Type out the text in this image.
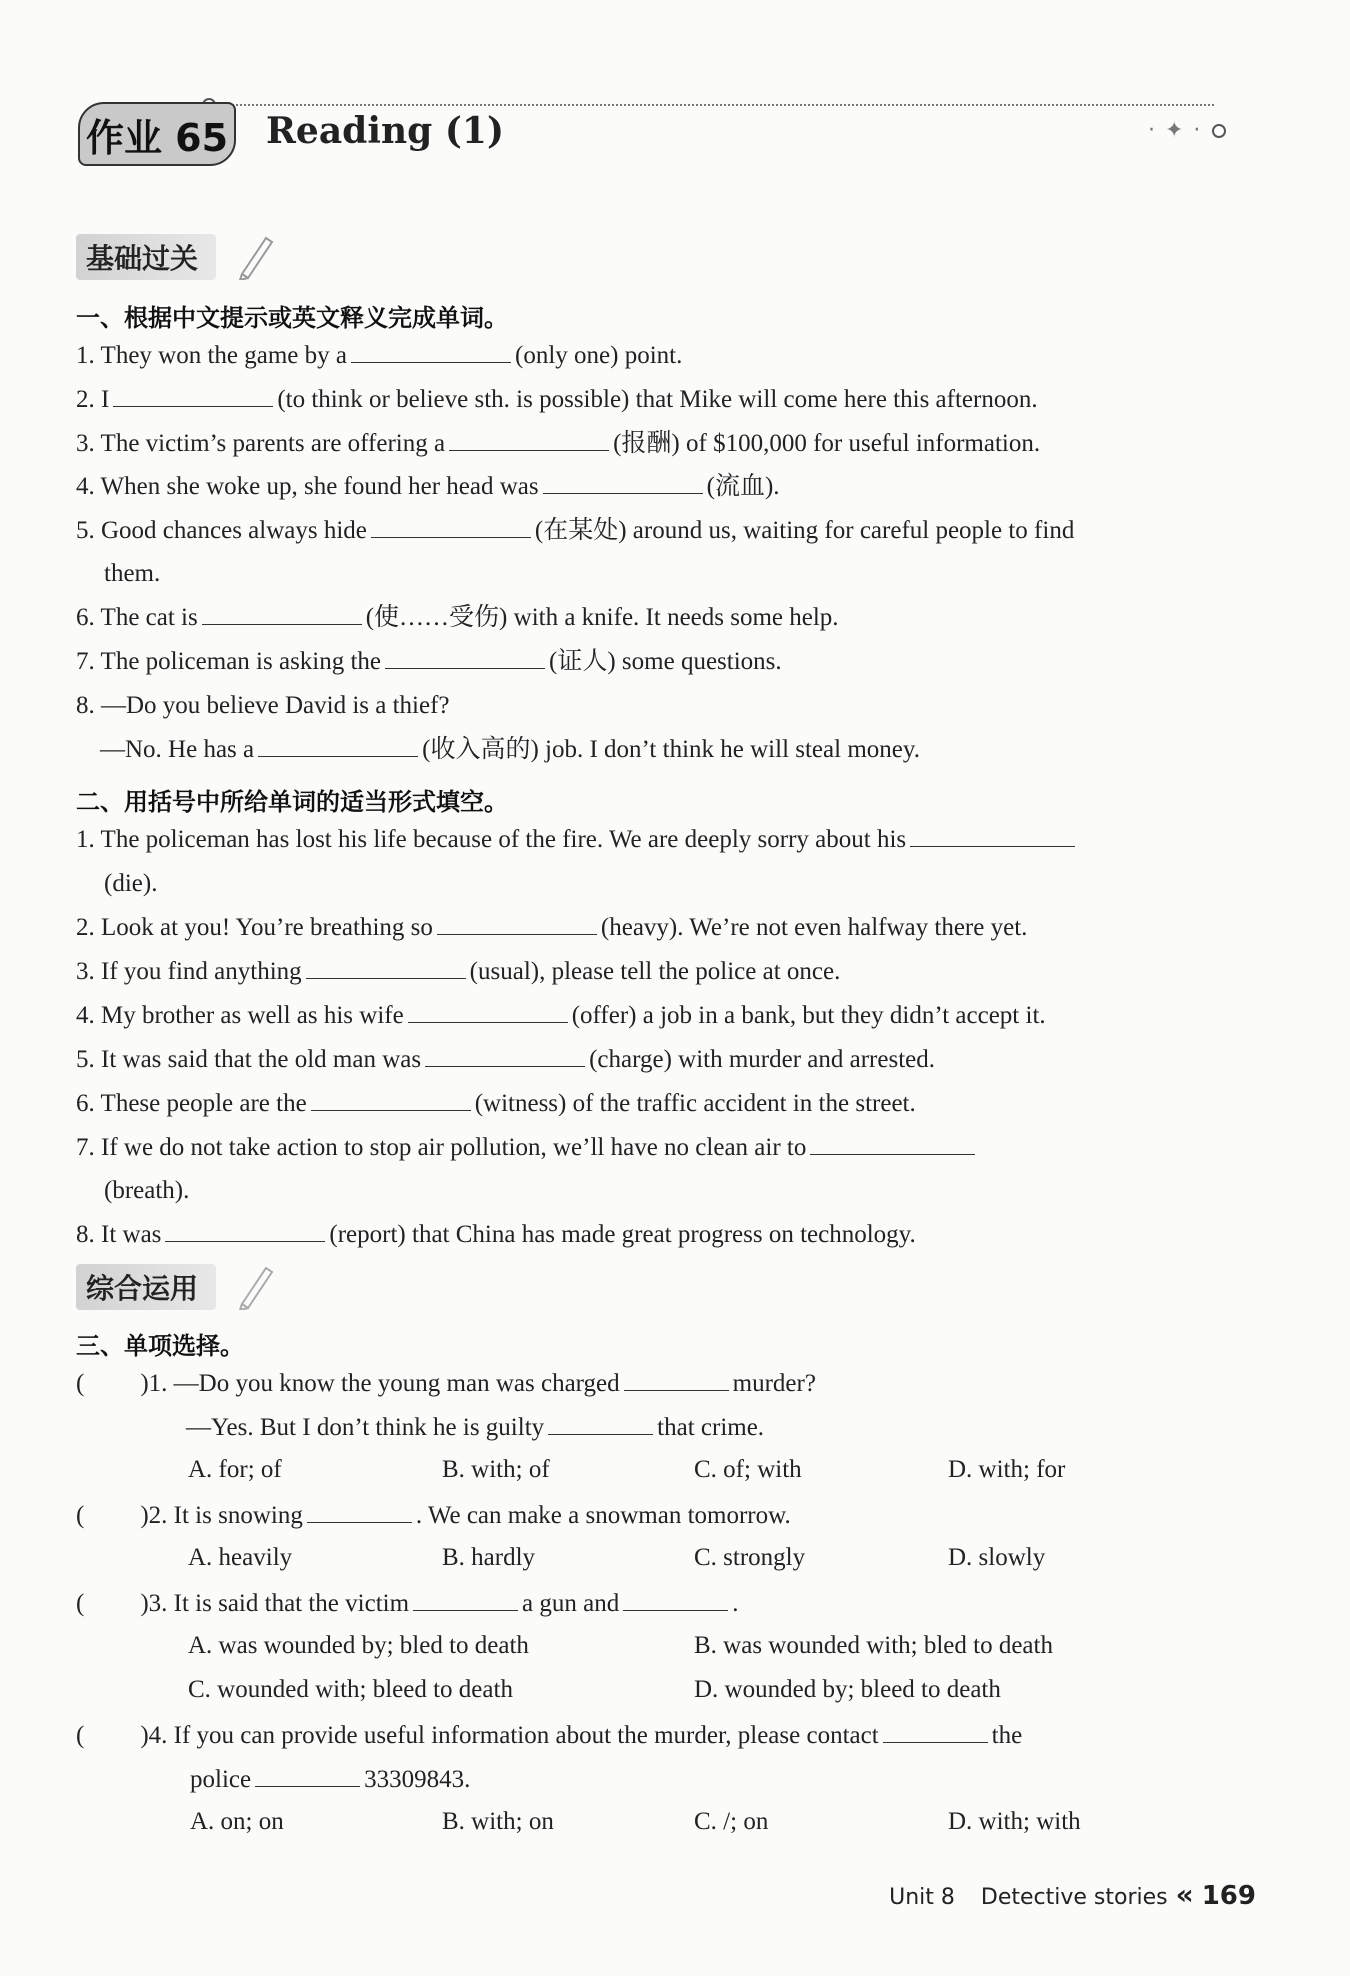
作业 65 Reading (1)	·✦·
基础过关
一、根据中文提示或英文释义完成单词。
1. They won the game by a	(only one) point.
2. I	(to think or believe sth. is possible) that Mike will come here this afternoon.
3. The victim’s parents are offering a	(报酬) of $100,000 for useful information.
4. When she woke up, she found her head was	(流血).
5. Good chances always hide	(在某处) around us, waiting for careful people to find
them.
6. The cat is	(使……受伤) with a knife. It needs some help.
7. The policeman is asking the	(证人) some questions.
8. —Do you believe David is a thief?
—No. He has a	(收入高的) job. I don’t think he will steal money.
二、用括号中所给单词的适当形式填空。
1. The policeman has lost his life because of the fire. We are deeply sorry about his
(die).
2. Look at you! You’re breathing so	(heavy). We’re not even halfway there yet.
3. If you find anything	(usual), please tell the police at once.
4. My brother as well as his wife	(offer) a job in a bank, but they didn’t accept it.
5. It was said that the old man was	(charge) with murder and arrested.
6. These people are the	(witness) of the traffic accident in the street.
7. If we do not take action to stop air pollution, we’ll have no clean air to
(breath).
8. It was	(report) that China has made great progress on technology.
综合运用
三、单项选择。
( )1. —Do you know the young man was charged	murder?
—Yes. But I don’t think he is guilty	that crime.
A. for; of	B. with; of	C. of; with	D. with; for
( )2. It is snowing	. We can make a snowman tomorrow.
A. heavily	B. hardly	C. strongly	D. slowly
( )3. It is said that the victim	a gun and	.
A. was wounded by; bled to death	B. was wounded with; bled to death
C. wounded with; bleed to death	D. wounded by; bleed to death
( )4. If you can provide useful information about the murder, please contact	the
police	33309843.
A. on; on	B. with; on	C. /; on	D. with; with
Unit 8 Detective stories « 169
